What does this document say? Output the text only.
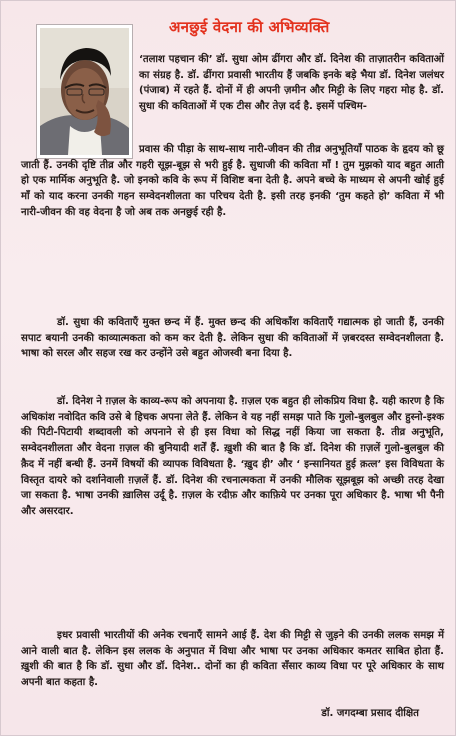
अनछुई वेदना की अभिव्यक्ति
‘तलाश पहचान की’ डॉ. सुधा ओम ढींगरा और डॉ. दिनेश की ताज़ातरीन कविताओं का संग्रह है. डॉ. ढींगरा प्रवासी भारतीय हैं जबकि इनके बड़े भैया डॉ. दिनेश जलंधर (पंजाब) में रहते हैं. दोनों में ही अपनी ज़मीन और मिट्टी के लिए गहरा मोह है. डॉ. सुधा की कविताओं में एक टीस और तेज़ दर्द है. इसमें पश्चिम-
प्रवास की पीड़ा के साथ-साथ नारी-जीवन की तीव्र अनुभूतियाँ पाठक के हृदय को छू जाती हैं. उनकी दृष्टि तीव्र और गहरी सूझ-बूझ से भरी हुई है. सुधाजी की कविता माँ ! तुम मुझको याद बहुत आती हो एक मार्मिक अनुभूति है. जो इनको कवि के रूप में विशिष्ट बना देती है. अपने बच्चे के माध्यम से अपनी खोई हुई माँ को याद करना उनकी गहन सम्वेदनशीलता का परिचय देती है. इसी तरह इनकी ‘तुम कहते हो’ कविता में भी नारी-जीवन की वह वेदना है जो अब तक अनछुई रही है.
डॉ. सुधा की कविताएँ मुक्त छन्द में हैं. मुक्त छन्द की अधिकाँश कविताएँ गद्यात्मक हो जाती हैं, उनकी सपाट बयानी उनकी काव्यात्मकता को कम कर देती है. लेकिन सुधा की कविताओं में ज़बरदस्त सम्वेदनशीलता है. भाषा को सरल और सहज रख कर उन्होंने उसे बहुत ओजस्वी बना दिया है.
डॉ. दिनेश ने ग़ज़ल के काव्य-रूप को अपनाया है. ग़ज़ल एक बहुत ही लोकप्रिय विधा है. यही कारण है कि अधिकांश नवोदित कवि उसे बे हिचक अपना लेते हैं. लेकिन वे यह नहीं समझ पाते कि गुलो-बुलबुल और हुस्नो-इश्क की पिटी-पिटायी शब्दावली को अपनाने से ही इस विधा को सिद्ध नहीं किया जा सकता है. तीव्र अनुभूति, सम्वेदनशीलता और वेदना ग़ज़ल की बुनियादी शर्तें हैं. ख़ुशी की बात है कि डॉ. दिनेश की ग़ज़लें गुलो-बुलबुल की क़ैद में नहीं बन्धी हैं. उनमें विषयों की व्यापक विविधता है. ‘ख़ुद ही’ और ‘ इन्सानियत हुई क़त्ल’ इस विविधता के विस्तृत दायरे को दर्शानेवाली ग़ज़लें हैं. डॉ. दिनेश की रचनात्मकता में उनकी मौलिक सूझबूझ को अच्छी तरह देखा जा सकता है. भाषा उनकी ख़ालिस उर्दू है. ग़ज़ल के रदीफ़ और काफ़िये पर उनका पूरा अधिकार है. भाषा भी पैनी और असरदार.
इधर प्रवासी भारतीयों की अनेक रचनाएँ सामने आई हैं. देश की मिट्टी से जुड़ने की उनकी ललक समझ में आने वाली बात है. लेकिन इस ललक के अनुपात में विधा और भाषा पर उनका अधिकार कमतर साबित होता हैं. ख़ुशी की बात है कि डॉ. सुधा और डॉ. दिनेश.. दोनों का ही कविता सँसार काव्य विधा पर पूरे अधिकार के साथ अपनी बात कहता है.
डॉ. जगदम्बा प्रसाद दीक्षित
